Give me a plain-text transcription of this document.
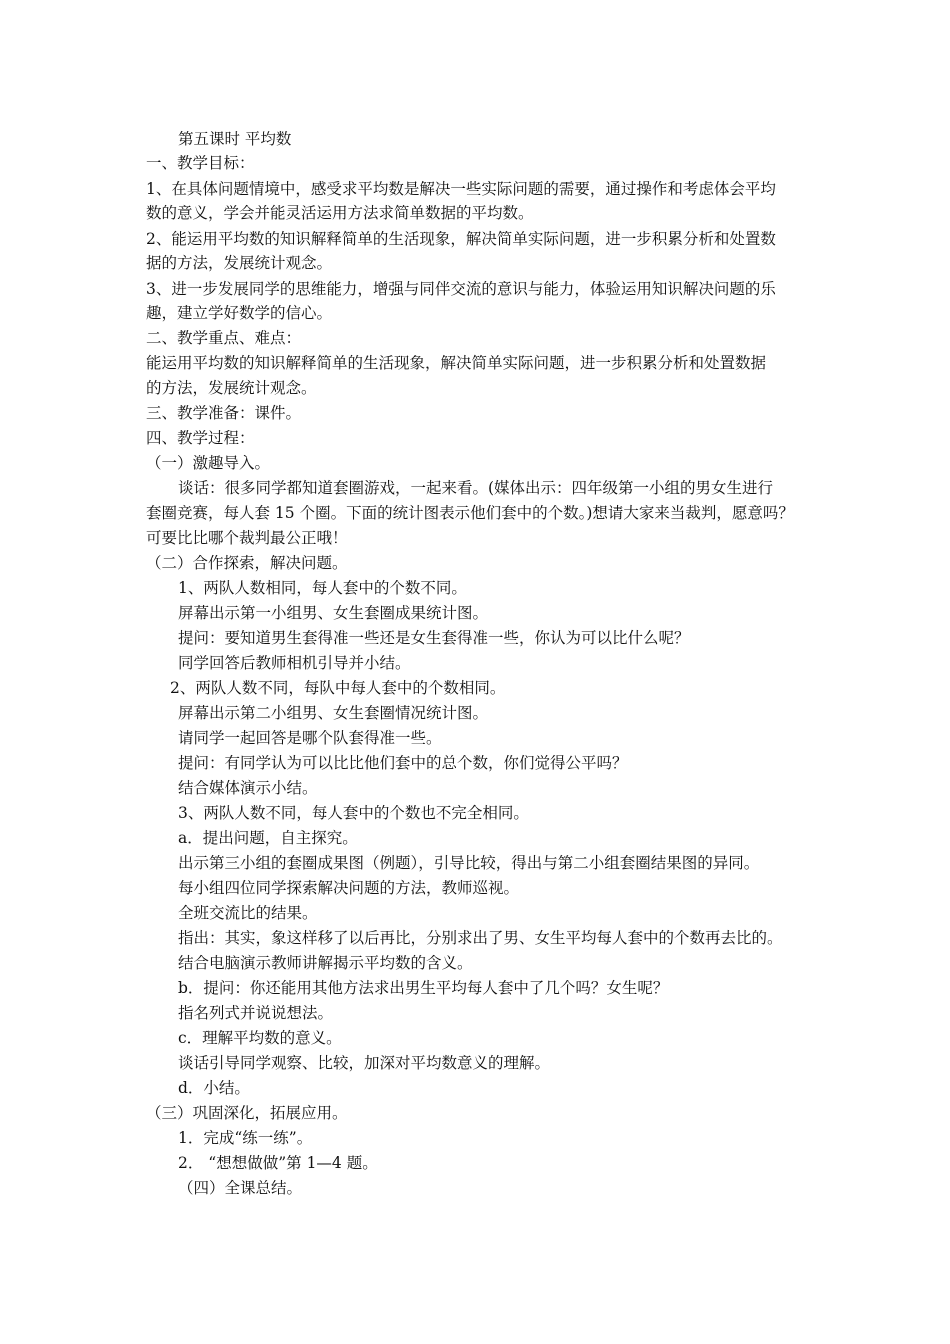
第五课时 平均数
一、教学目标：
1、在具体问题情境中，感受求平均数是解决一些实际问题的需要，通过操作和考虑体会平均
数的意义，学会并能灵活运用方法求简单数据的平均数。
2、能运用平均数的知识解释简单的生活现象，解决简单实际问题，进一步积累分析和处置数
据的方法，发展统计观念。
3、进一步发展同学的思维能力，增强与同伴交流的意识与能力，体验运用知识解决问题的乐
趣，建立学好数学的信心。
二、教学重点、难点：
能运用平均数的知识解释简单的生活现象，解决简单实际问题，进一步积累分析和处置数据
的方法，发展统计观念。
三、教学准备：课件。
四、教学过程：
（一）激趣导入。
谈话：很多同学都知道套圈游戏，一起来看。(媒体出示：四年级第一小组的男女生进行
套圈竞赛，每人套 15 个圈。下面的统计图表示他们套中的个数。)想请大家来当裁判，愿意吗？
可要比比哪个裁判最公正哦！
（二）合作探索，解决问题。
1、两队人数相同，每人套中的个数不同。
屏幕出示第一小组男、女生套圈成果统计图。
提问：要知道男生套得准一些还是女生套得准一些，你认为可以比什么呢？
同学回答后教师相机引导并小结。
2、两队人数不同，每队中每人套中的个数相同。
屏幕出示第二小组男、女生套圈情况统计图。
请同学一起回答是哪个队套得准一些。
提问：有同学认为可以比比他们套中的总个数，你们觉得公平吗？
结合媒体演示小结。
3、两队人数不同，每人套中的个数也不完全相同。
a．提出问题，自主探究。
出示第三小组的套圈成果图（例题），引导比较，得出与第二小组套圈结果图的异同。
每小组四位同学探索解决问题的方法，教师巡视。
全班交流比的结果。
指出：其实，象这样移了以后再比，分别求出了男、女生平均每人套中的个数再去比的。
结合电脑演示教师讲解揭示平均数的含义。
b．提问：你还能用其他方法求出男生平均每人套中了几个吗？女生呢？
指名列式并说说想法。
c．理解平均数的意义。
谈话引导同学观察、比较，加深对平均数意义的理解。
d．小结。
（三）巩固深化，拓展应用。
1．完成“练一练”。
2． “想想做做”第 1—4 题。
（四）全课总结。
